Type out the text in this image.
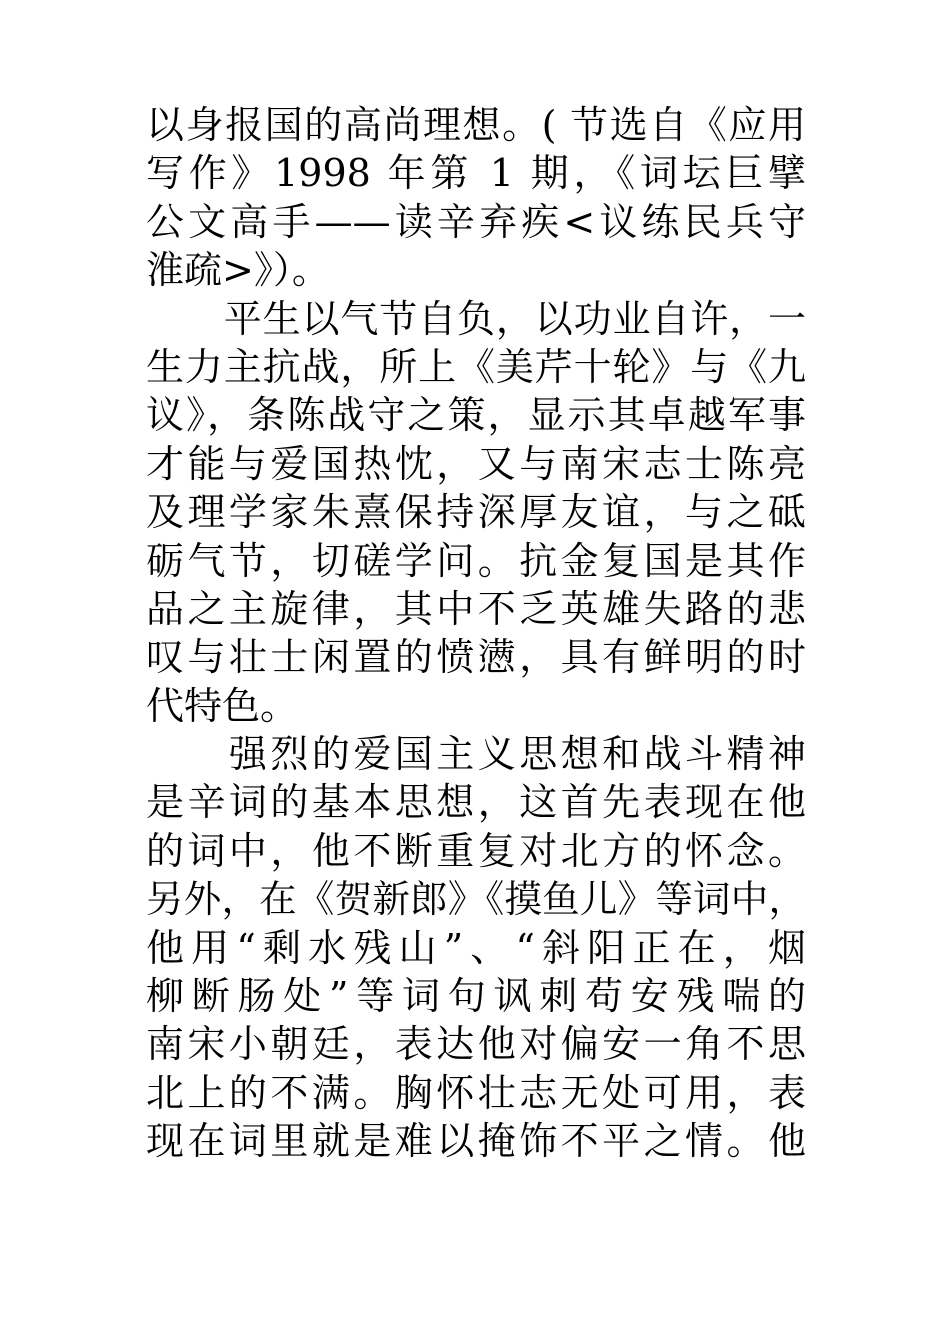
以身报国的高尚理想。( 节选自《应用
写作》1998 年第 1 期，《词坛巨擘
公文高手——读辛弃疾<议练民兵守
淮疏>》）。
　　平生以气节自负，以功业自许，一
生力主抗战，所上《美芹十轮》与《九
议》，条陈战守之策，显示其卓越军事
才能与爱国热忱，又与南宋志士陈亮
及理学家朱熹保持深厚友谊，与之砥
砺气节，切磋学问。抗金复国是其作
品之主旋律，其中不乏英雄失路的悲
叹与壮士闲置的愤懑，具有鲜明的时
代特色。
　　强烈的爱国主义思想和战斗精神
是辛词的基本思想，这首先表现在他
的词中，他不断重复对北方的怀念。
另外，在《贺新郎》《摸鱼儿》等词中，
他用“剩水残山”、“斜阳正在，烟
柳断肠处”等词句讽刺苟安残喘的
南宋小朝廷，表达他对偏安一角不思
北上的不满。胸怀壮志无处可用，表
现在词里就是难以掩饰不平之情。他
